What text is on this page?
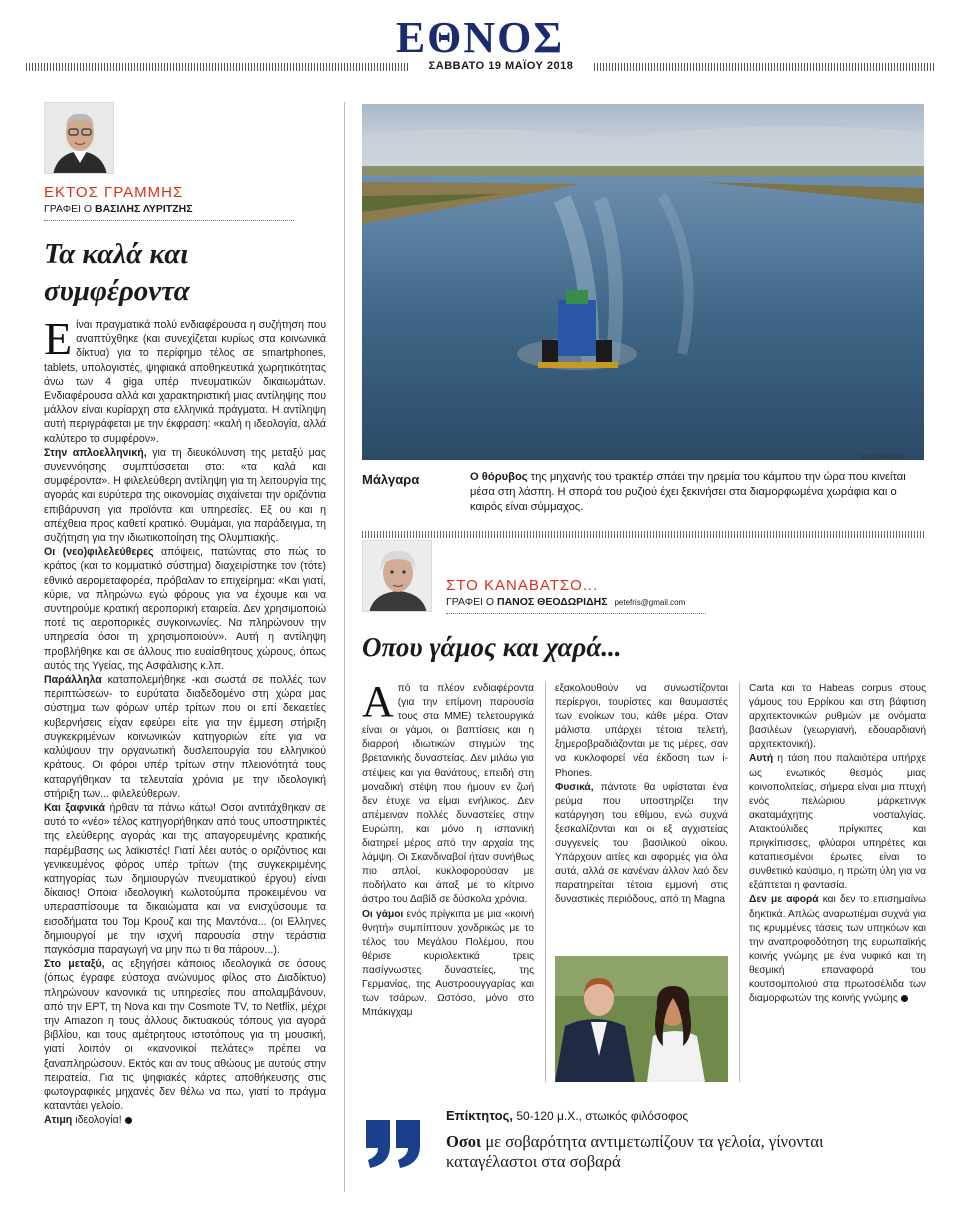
ΕΘΝΟΣ
ΣΑΒΒΑΤΟ 19 ΜΑΪΟΥ 2018
ΕΚΤΟΣ ΓΡΑΜΜΗΣ
ΓΡΑΦΕΙ Ο ΒΑΣΙΛΗΣ ΛΥΡΙΤΖΗΣ
Τα καλά και συμφέροντα

Είναι πραγματικά πολύ ενδιαφέρουσα η συζήτηση που αναπτύχθηκε (και συνεχίζεται κυρίως στα κοινωνικά δίκτυα) για το περίφημο τέλος σε smartphones, tablets, υπολογιστές, ψηφιακά αποθηκευτικά χωρητικότητας άνω των 4 giga υπέρ πνευματικών δικαιωμάτων. Ενδιαφέρουσα αλλά και χαρακτηριστική μιας αντίληψης που μάλλον είναι κυρίαρχη στα ελληνικά πράγματα. Η αντίληψη αυτή περιγράφεται με την έκφραση: «καλή η ιδεολογία, αλλά καλύτερο το συμφέρον».

Στην απλοελληνική, για τη διευκόλυνση της μεταξύ μας συνεννόησης συμπτύσσεται στο: «τα καλά και συμφέροντα». Η φιλελεύθερη αντίληψη για τη λειτουργία της αγοράς και ευρύτερα της οικονομίας σιχαίνεται την οριζόντια επιβάρυνση για προϊόντα και υπηρεσίες. Εξ ου και η απέχθεια προς καθετί κρατικό. Θυμάμαι, για παράδειγμα, τη συζήτηση για την ιδιωτικοποίηση της Ολυμπιακής.

Οι (νεο)φιλελεύθερες απόψεις, πατώντας στο πώς το κράτος (και το κομματικό σύστημα) διαχειρίστηκε τον (τότε) εθνικό αερομεταφορέα, πρόβαλαν το επιχείρημα: «Και γιατί, κύριε, να πληρώνω εγώ φόρους για να έχουμε και να συντηρούμε κρατική αεροπορική εταιρεία. Δεν χρησιμοποιώ ποτέ τις αεροπορικές συγκοινωνίες. Να πληρώνουν την υπηρεσία όσοι τη χρησιμοποιούν». Αυτή η αντίληψη προβλήθηκε και σε άλλους πιο ευαίσθητους χώρους, όπως αυτός της Υγείας, της Ασφάλισης κ.λπ.

Παράλληλα καταπολεμήθηκε -και σωστά σε πολλές των περιπτώσεων- το ευρύτατα διαδεδομένο στη χώρα μας σύστημα των φόρων υπέρ τρίτων που οι επί δεκαετίες κυβερνήσεις είχαν εφεύρει είτε για την έμμεση στήριξη συγκεκριμένων κοινωνικών κατηγοριών είτε για να καλύψουν την οργανωτική δυσλειτουργία του ελληνικού κράτους. Οι φόροι υπέρ τρίτων στην πλειονότητά τους καταργήθηκαν τα τελευταία χρόνια με την ιδεολογική στήριξη των... φιλελεύθερων.

Και ξαφνικά ήρθαν τα πάνω κάτω! Οσοι αντιτάχθηκαν σε αυτό το «νέο» τέλος κατηγορήθηκαν από τους υποστηρικτές της ελεύθερης αγοράς και της απαγορευμένης κρατικής παρέμβασης ως λαϊκιστές! Γιατί λέει αυτός ο οριζόντιος και γενικευμένος φόρος υπέρ τρίτων (της συγκεκριμένης κατηγορίας των δημιουργών πνευματικού έργου) είναι δίκαιος! Οποια ιδεολογική κωλοτούμπα προκειμένου να υπερασπίσουμε τα δικαιώματα και να ενισχύσουμε τα εισοδήματα του Τομ Κρουζ και της Μαντόνα... (οι Ελληνες δημιουργοί με την ισχνή παρουσία στην τεράστια παγκόσμια παραγωγή να μην πω τι θα πάρουν...).

Στο μεταξύ, ας εξηγήσει κάποιος ιδεολογικά σε όσους (όπως έγραφε εύστοχα ανώνυμος φίλος στο Διαδίκτυο) πληρώνουν κανονικά τις υπηρεσίες που απολαμβάνουν, από την ΕΡΤ, τη Nova και την Cosmote TV, το Netflix, μέχρι την Amazon η τους άλλους δικτυακούς τόπους για αγορά βιβλίου, και τους αμέτρητους ιστοτόπους για τη μουσική, γιατί λοιπόν οι «κανονικοί πελάτες» πρέπει να ξαναπληρώσουν. Εκτός και αν τους αθώους με αυτούς στην πειρατεία. Για τις ψηφιακές κάρτες αποθήκευσης στις φωτογραφικές μηχανές δεν θέλω να πω, γιατί το πράγμα καταντάει γελοίο.

Ατιμη ιδεολογία!

EUROKINISSI
Μάλγαρα	Ο θόρυβος της μηχανής του τρακτέρ σπάει την ηρεμία του κάμπου την ώρα που κινείται μέσα στη λάσπη. Η σπορά του ρυζιού έχει ξεκινήσει στα διαμορφωμένα χωράφια και ο καιρός είναι σύμμαχος.
ΣΤΟ ΚΑΝΑΒΑΤΣΟ...
ΓΡΑΦΕΙ Ο ΠΑΝΟΣ ΘΕΟΔΩΡΙΔΗΣ petefris@gmail.com
Οπου γάμος και χαρά...

Από τα πλέον ενδιαφέροντα (για την επίμονη παρουσία τους στα ΜΜΕ) τελετουργικά είναι οι γάμοι, οι βαπτίσεις και η διαρροή ιδιωτικών στιγμών της βρετανικής δυναστείας. Δεν μιλάω για στέψεις και για θανάτους, επειδή στη μοναδική στέψη που ήμουν εν ζωή δεν έτυχε να είμαι ενήλικος. Δεν απέμειναν πολλές δυναστείες στην Ευρώπη, και μόνο η ισπανική διατηρεί μέρος από την αρχαία της λάμψη. Οι Σκανδιναβοί ήταν συνήθως πιο απλοί, κυκλοφορούσαν με ποδήλατο και άπαξ με το κίτρινο άστρο του Δαβίδ σε δύσκολα χρόνια.

Οι γάμοι ενός πρίγκιπα με μια «κοινή θνητή» συμπίπτουν χονδρικώς με το τέλος του Μεγάλου Πολέμου, που θέρισε κυριολεκτικά τρεις πασίγνωστες δυναστείες, της Γερμανίας, της Αυστροουγγαρίας και των τσάρων. Ωστόσο, μόνο στο Μπάκιγχαμ

εξακολουθούν να συνωστίζονται περίεργοι, τουρίστες και θαυμαστές των ενοίκων του, κάθε μέρα. Οταν μάλιστα υπάρχει τέτοια τελετή, ξημεροβραδιάζονται με τις μέρες, σαν να κυκλοφορεί νέα έκδοση των i-Phones.

Φυσικά, πάντοτε θα υφίσταται ένα ρεύμα που υποστηρίζει την κατάργηση του εθίμου, ενώ συχνά ξεσκαλίζονται και οι εξ αγχιστείας συγγενείς του βασιλικού οίκου. Υπάρχουν αιτίες και αφορμές για όλα αυτά, αλλά σε κανέναν άλλον λαό δεν παρατηρείται τέτοια εμμονή στις δυναστικές περιόδους, από τη Magna

Carta και το Habeas corpus στους γάμους του Ερρίκου και στη βάφτιση αρχιτεκτονικών ρυθμών με ονόματα βασιλέων (γεωργιανή, εδουαρδιανή αρχιτεκτονική).

Αυτή η τάση που παλαιότερα υπήρχε ως ενωτικός θεσμός μιας κοινοπολιτείας, σήμερα είναι μια πτυχή ενός πελώριου μάρκετινγκ ακαταμάχητης νοσταλγίας. Ατακτούλιδες πρίγκιπες και πριγκίπισσες, φλύαροι υπηρέτες και καταπιεσμένοι έρωτες είναι το συνθετικό καύσιμο, η πρώτη ύλη για να εξάπτεται η φαντασία.

Δεν με αφορά και δεν το επισημαίνω δηκτικά. Απλώς αναρωτιέμαι συχνά για τις κρυμμένες τάσεις των υπηκόων και την αναπροφοδότηση της ευρωπαϊκής κοινής γνώμης με ένα νυφικό και τη θεσμική επαναφορά του κουτσομπολιού στα πρωτοσέλιδα των διαμορφωτών της κοινής γνώμης

Επίκτητος, 50-120 μ.Χ., στωικός φιλόσοφος
Οσοι με σοβαρότητα αντιμετωπίζουν τα γελοία, γίνονται καταγέλαστοι στα σοβαρά
